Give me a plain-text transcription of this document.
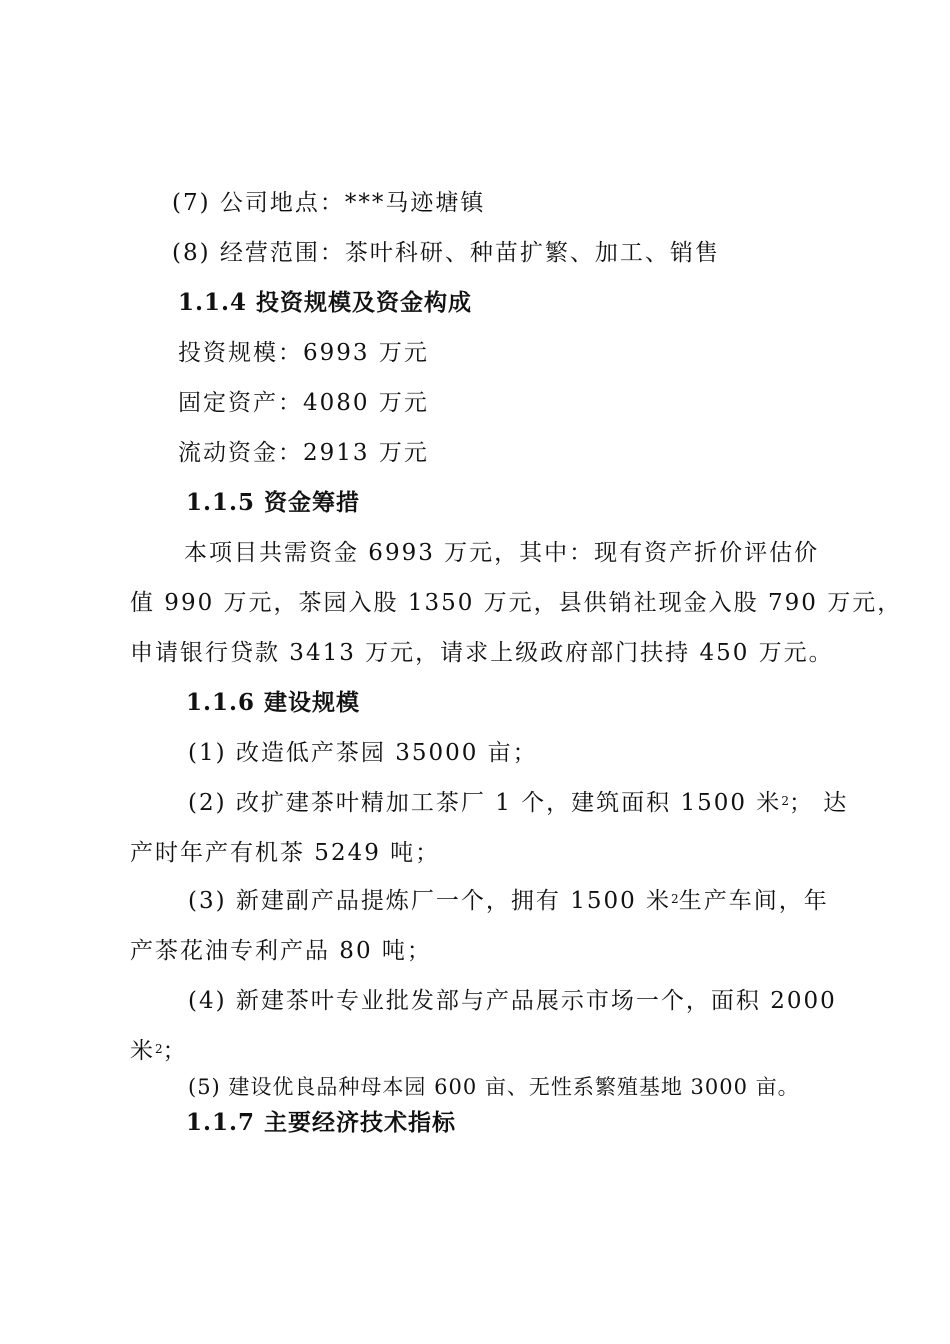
(7) 公司地点：***马迹塘镇
(8) 经营范围：茶叶科研、种苗扩繁、加工、销售
1.1.4 投资规模及资金构成
投资规模：6993 万元
固定资产：4080 万元
流动资金：2913 万元
1.1.5 资金筹措
本项目共需资金 6993 万元，其中：现有资产折价评估价
值 990 万元，茶园入股 1350 万元，县供销社现金入股 790 万元，
申请银行贷款 3413 万元，请求上级政府部门扶持 450 万元。
1.1.6 建设规模
(1) 改造低产茶园 35000 亩；
(2) 改扩建茶叶精加工茶厂 1 个，建筑面积 1500 米$^2$； 达
产时年产有机茶 5249 吨；
(3) 新建副产品提炼厂一个，拥有 1500 米$^2$生产车间，年
产茶花油专利产品 80 吨；
(4) 新建茶叶专业批发部与产品展示市场一个，面积 2000
米$^2$；
(5) 建设优良品种母本园 600 亩、无性系繁殖基地 3000 亩。
1.1.7 主要经济技术指标
